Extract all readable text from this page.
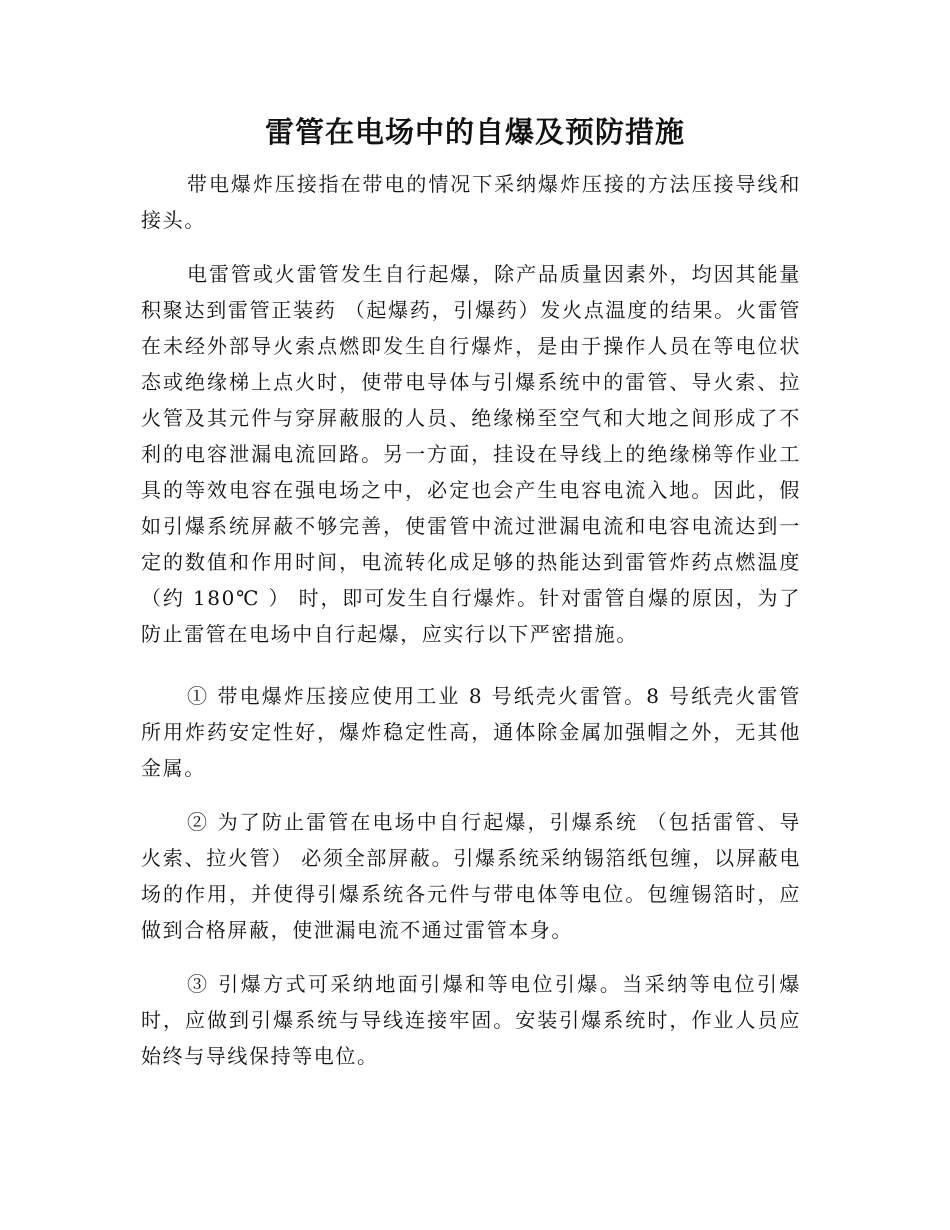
雷管在电场中的自爆及预防措施

带电爆炸压接指在带电的情况下采纳爆炸压接的方法压接导线和接头。

电雷管或火雷管发生自行起爆，除产品质量因素外，均因其能量积聚达到雷管正装药 （起爆药，引爆药）发火点温度的结果。火雷管在未经外部导火索点燃即发生自行爆炸，是由于操作人员在等电位状态或绝缘梯上点火时，使带电导体与引爆系统中的雷管、导火索、拉火管及其元件与穿屏蔽服的人员、绝缘梯至空气和大地之间形成了不利的电容泄漏电流回路。另一方面，挂设在导线上的绝缘梯等作业工具的等效电容在强电场之中，必定也会产生电容电流入地。因此，假如引爆系统屏蔽不够完善，使雷管中流过泄漏电流和电容电流达到一定的数值和作用时间，电流转化成足够的热能达到雷管炸药点燃温度 （约 180℃ ） 时，即可发生自行爆炸。针对雷管自爆的原因，为了防止雷管在电场中自行起爆，应实行以下严密措施。

① 带电爆炸压接应使用工业 8 号纸壳火雷管。8 号纸壳火雷管所用炸药安定性好，爆炸稳定性高，通体除金属加强帽之外，无其他金属。

② 为了防止雷管在电场中自行起爆，引爆系统 （包括雷管、导火索、拉火管） 必须全部屏蔽。引爆系统采纳锡箔纸包缠，以屏蔽电场的作用，并使得引爆系统各元件与带电体等电位。包缠锡箔时，应做到合格屏蔽，使泄漏电流不通过雷管本身。

③ 引爆方式可采纳地面引爆和等电位引爆。当采纳等电位引爆时，应做到引爆系统与导线连接牢固。安装引爆系统时，作业人员应始终与导线保持等电位。
